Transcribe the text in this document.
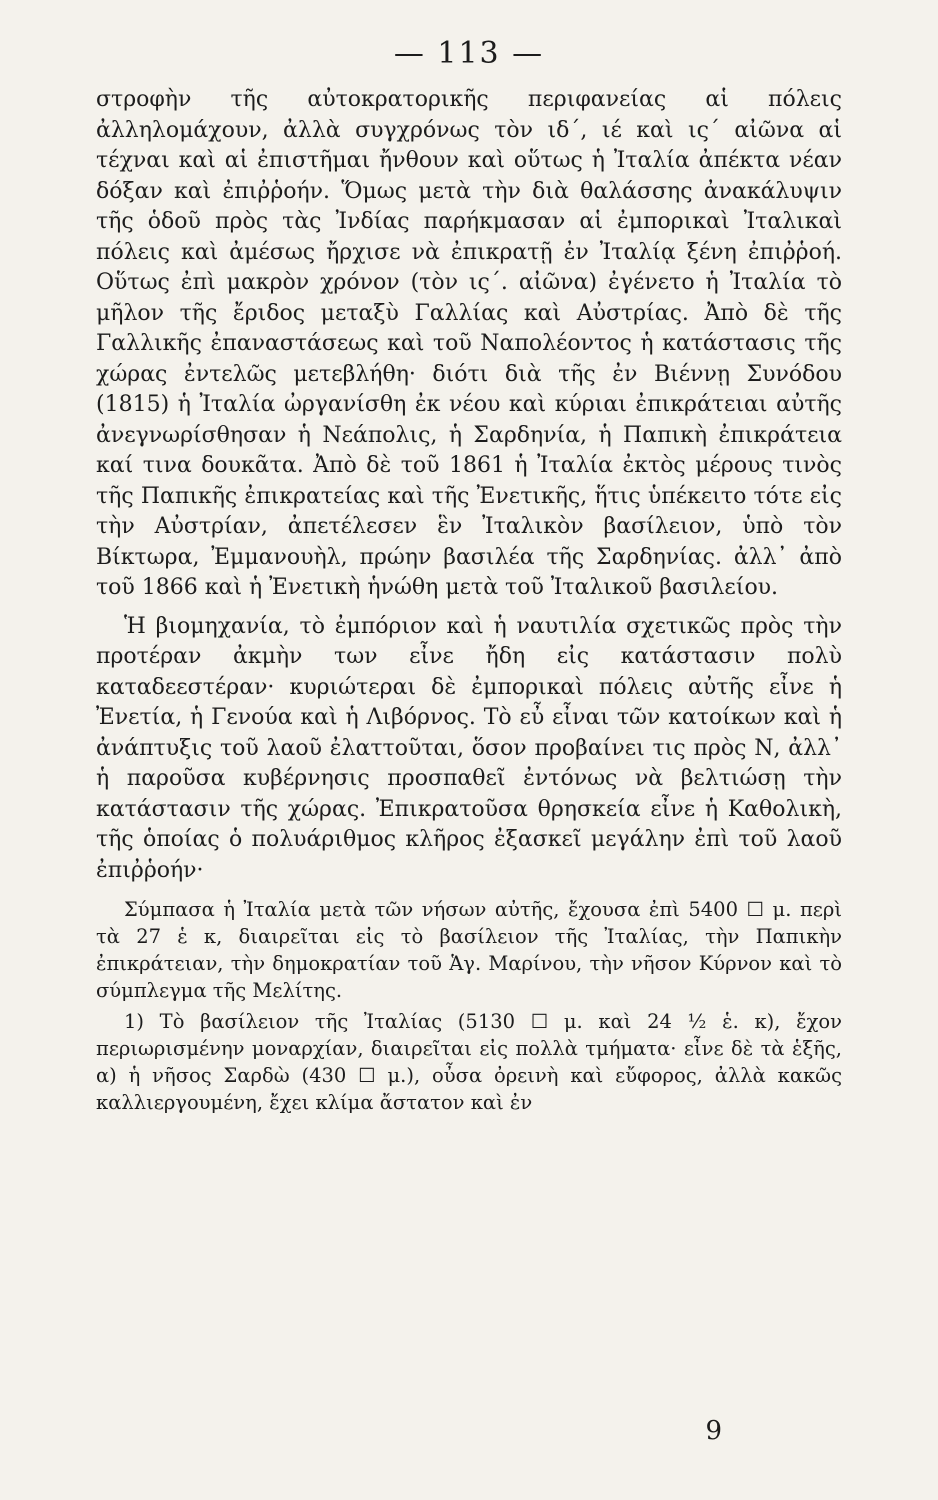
— 113 —

στροφὴν τῆς αὐτοκρατορικῆς περιφανείας αἱ πόλεις ἀλληλομάχουν, ἀλλὰ συγχρόνως τὸν ιδ΄, ιέ καὶ ις΄ αἰῶνα αἱ τέχναι καὶ αἱ ἐπιστῆμαι ἤνθουν καὶ οὕτως ἡ Ἰταλία ἀπέκτα νέαν δόξαν καὶ ἐπιῤῥοήν. Ὅμως μετὰ τὴν διὰ θαλάσσης ἀνακάλυψιν τῆς ὁδοῦ πρὸς τὰς Ἰνδίας παρήκμασαν αἱ ἐμπορικαὶ Ἰταλικαὶ πόλεις καὶ ἀμέσως ἤρχισε νὰ ἐπικρατῇ ἐν Ἰταλίᾳ ξένη ἐπιῤῥοή. Οὕτως ἐπὶ μακρὸν χρόνον (τὸν ις΄. αἰῶνα) ἐγένετο ἡ Ἰταλία τὸ μῆλον τῆς ἔριδος μεταξὺ Γαλλίας καὶ Αὐστρίας. Ἀπὸ δὲ τῆς Γαλλικῆς ἐπαναστάσεως καὶ τοῦ Ναπολέοντος ἡ κατάστασις τῆς χώρας ἐντελῶς μετεβλήθη· διότι διὰ τῆς ἐν Βιέννῃ Συνόδου (1815) ἡ Ἰταλία ὠργανίσθη ἐκ νέου καὶ κύριαι ἐπικράτειαι αὐτῆς ἀνεγνωρίσθησαν ἡ Νεάπολις, ἡ Σαρδηνία, ἡ Παπικὴ ἐπικράτεια καί τινα δουκᾶτα. Ἀπὸ δὲ τοῦ 1861 ἡ Ἰταλία ἐκτὸς μέρους τινὸς τῆς Παπικῆς ἐπικρατείας καὶ τῆς Ἐνετικῆς, ἥτις ὑπέκειτο τότε εἰς τὴν Αὐστρίαν, ἀπετέλεσεν ἓν Ἰταλικὸν βασίλειον, ὑπὸ τὸν Βίκτωρα, Ἐμμανουὴλ, πρώην βασιλέα τῆς Σαρδηνίας. ἀλλ᾽ ἀπὸ τοῦ 1866 καὶ ἡ Ἐνετικὴ ἡνώθη μετὰ τοῦ Ἰταλικοῦ βασιλείου.

Ἡ βιομηχανία, τὸ ἐμπόριον καὶ ἡ ναυτιλία σχετικῶς πρὸς τὴν προτέραν ἀκμὴν των εἶνε ἤδη εἰς κατάστασιν πολὺ καταδεεστέραν· κυριώτεραι δὲ ἐμπορικαὶ πόλεις αὐτῆς εἶνε ἡ Ἐνετία, ἡ Γενούα καὶ ἡ Λιβόρνος. Τὸ εὖ εἶναι τῶν κατοίκων καὶ ἡ ἀνάπτυξις τοῦ λαοῦ ἐλαττοῦται, ὅσον προβαίνει τις πρὸς Ν, ἀλλ᾽ ἡ παροῦσα κυβέρνησις προσπαθεῖ ἐντόνως νὰ βελτιώσῃ τὴν κατάστασιν τῆς χώρας. Ἐπικρατοῦσα θρησκεία εἶνε ἡ Καθολικὴ, τῆς ὁποίας ὁ πολυάριθμος κλῆρος ἐξασκεῖ μεγάλην ἐπὶ τοῦ λαοῦ ἐπιῤῥοήν·

Σύμπασα ἡ Ἰταλία μετὰ τῶν νήσων αὐτῆς, ἔχουσα ἐπὶ 5400 ☐ μ. περὶ τὰ 27 ἑ κ, διαιρεῖται εἰς τὸ βασίλειον τῆς Ἰταλίας, τὴν Παπικὴν ἐπικράτειαν, τὴν δημοκρατίαν τοῦ Ἁγ. Μαρίνου, τὴν νῆσον Κύρνον καὶ τὸ σύμπλεγμα τῆς Μελίτης.

1) Τὸ βασίλειον τῆς Ἰταλίας (5130 ☐ μ. καὶ 24 ½ ἑ. κ), ἔχον περιωρισμένην μοναρχίαν, διαιρεῖται εἰς πολλὰ τμήματα· εἶνε δὲ τὰ ἑξῆς, α) ἡ νῆσος Σαρδὼ (430 ☐ μ.), οὖσα ὀρεινὴ καὶ εὔφορος, ἀλλὰ κακῶς καλλιεργουμένη, ἔχει κλίμα ἄστατον καὶ ἐν

9
